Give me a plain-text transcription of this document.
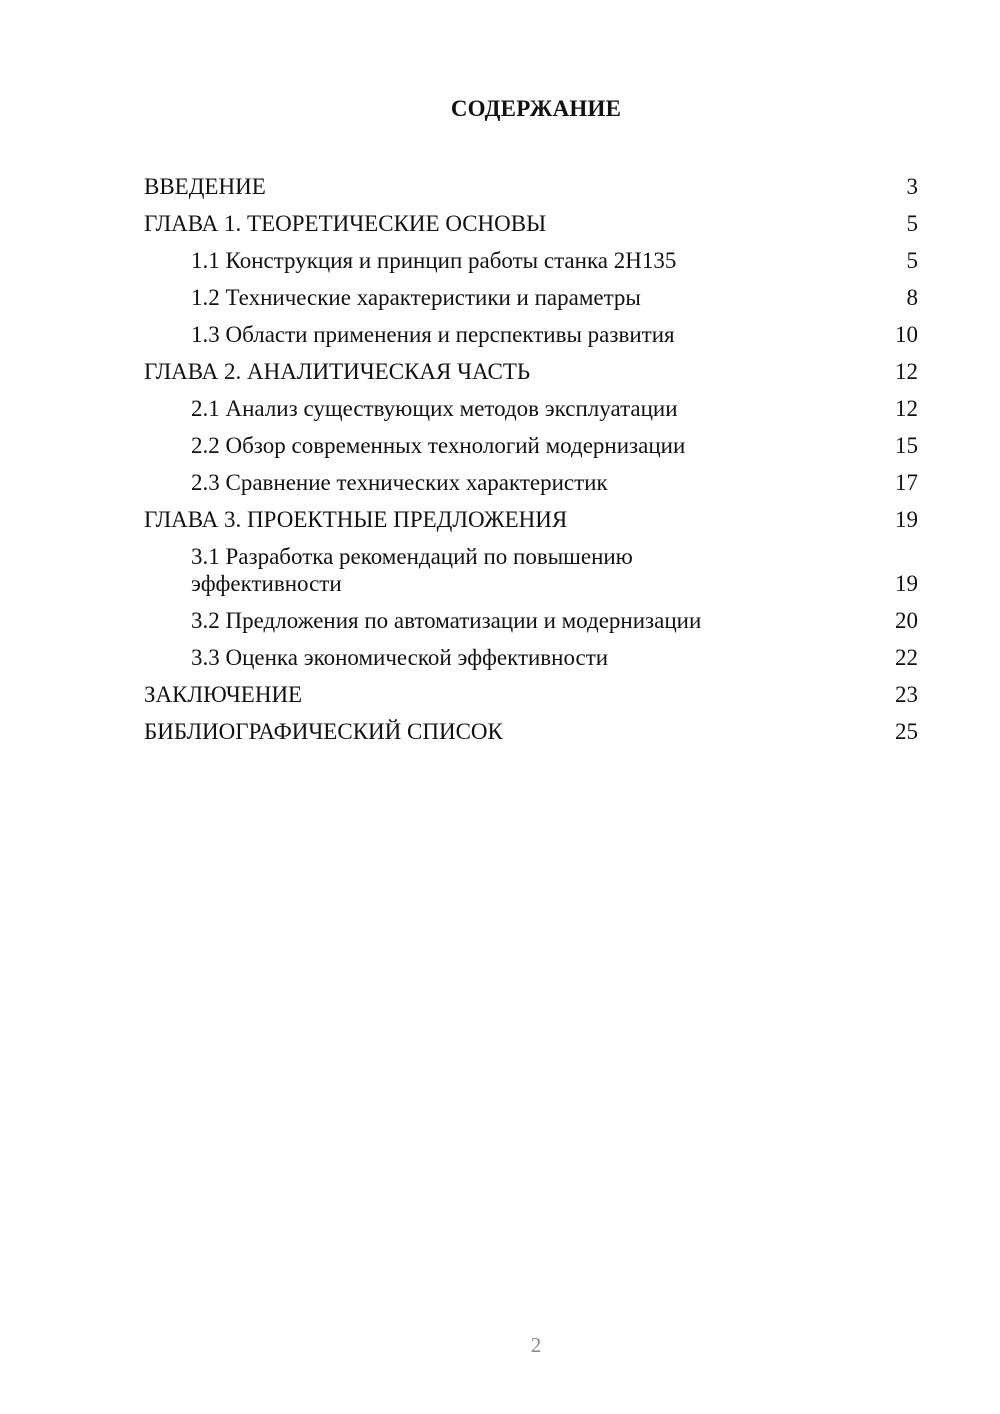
СОДЕРЖАНИЕ
ВВЕДЕНИЕ	3
ГЛАВА 1. ТЕОРЕТИЧЕСКИЕ ОСНОВЫ	5
1.1 Конструкция и принцип работы станка 2Н135	5
1.2 Технические характеристики и параметры	8
1.3 Области применения и перспективы развития	10
ГЛАВА 2. АНАЛИТИЧЕСКАЯ ЧАСТЬ	12
2.1 Анализ существующих методов эксплуатации	12
2.2 Обзор современных технологий модернизации	15
2.3 Сравнение технических характеристик	17
ГЛАВА 3. ПРОЕКТНЫЕ ПРЕДЛОЖЕНИЯ	19
3.1 Разработка рекомендаций по повышению эффективности	19
3.2 Предложения по автоматизации и модернизации	20
3.3 Оценка экономической эффективности	22
ЗАКЛЮЧЕНИЕ	23
БИБЛИОГРАФИЧЕСКИЙ СПИСОК	25
2
